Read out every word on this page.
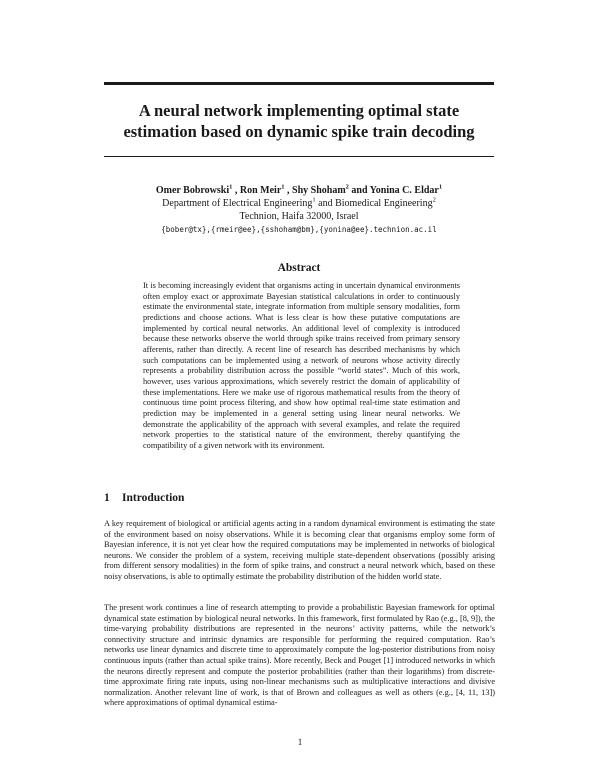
A neural network implementing optimal state
estimation based on dynamic spike train decoding
Omer Bobrowski$^1$ , Ron Meir$^1$ , Shy Shoham$^2$ and Yonina C. Eldar$^1$
Department of Electrical Engineering$^1$ and Biomedical Engineering$^2$
Technion, Haifa 32000, Israel
{bober@tx},{rmeir@ee},{sshoham@bm},{yonina@ee}.technion.ac.il
Abstract
It is becoming increasingly evident that organisms acting in uncertain dynamical environments often employ exact or approximate Bayesian statistical calculations in order to continuously estimate the environmental state, integrate information from multiple sensory modalities, form predictions and choose actions. What is less clear is how these putative computations are implemented by cortical neural networks. An additional level of complexity is introduced because these networks observe the world through spike trains received from primary sensory afferents, rather than directly. A recent line of research has described mechanisms by which such computations can be implemented using a network of neurons whose activity directly represents a probability distribution across the possible “world states”. Much of this work, however, uses various approximations, which severely restrict the domain of applicability of these implementations. Here we make use of rigorous mathematical results from the theory of continuous time point process filtering, and show how optimal real-time state estimation and prediction may be implemented in a general setting using linear neural networks. We demonstrate the applicability of the approach with several examples, and relate the required network properties to the statistical nature of the environment, thereby quantifying the compatibility of a given network with its environment.
1 Introduction

A key requirement of biological or artificial agents acting in a random dynamical environment is estimating the state of the environment based on noisy observations. While it is becoming clear that organisms employ some form of Bayesian inference, it is not yet clear how the required computations may be implemented in networks of biological neurons. We consider the problem of a system, receiving multiple state-dependent observations (possibly arising from different sensory modalities) in the form of spike trains, and construct a neural network which, based on these noisy observations, is able to optimally estimate the probability distribution of the hidden world state.

The present work continues a line of research attempting to provide a probabilistic Bayesian framework for optimal dynamical state estimation by biological neural networks. In this framework, first formulated by Rao (e.g., [8, 9]), the time-varying probability distributions are represented in the neurons’ activity patterns, while the network’s connectivity structure and intrinsic dynamics are responsible for performing the required computation. Rao’s networks use linear dynamics and discrete time to approximately compute the log-posterior distributions from noisy continuous inputs (rather than actual spike trains). More recently, Beck and Pouget [1] introduced networks in which the neurons directly represent and compute the posterior probabilities (rather than their logarithms) from discrete-time approximate firing rate inputs, using non-linear mechanisms such as multiplicative interactions and divisive normalization. Another relevant line of work, is that of Brown and colleagues as well as others (e.g., [4, 11, 13]) where approximations of optimal dynamical estima-

1
